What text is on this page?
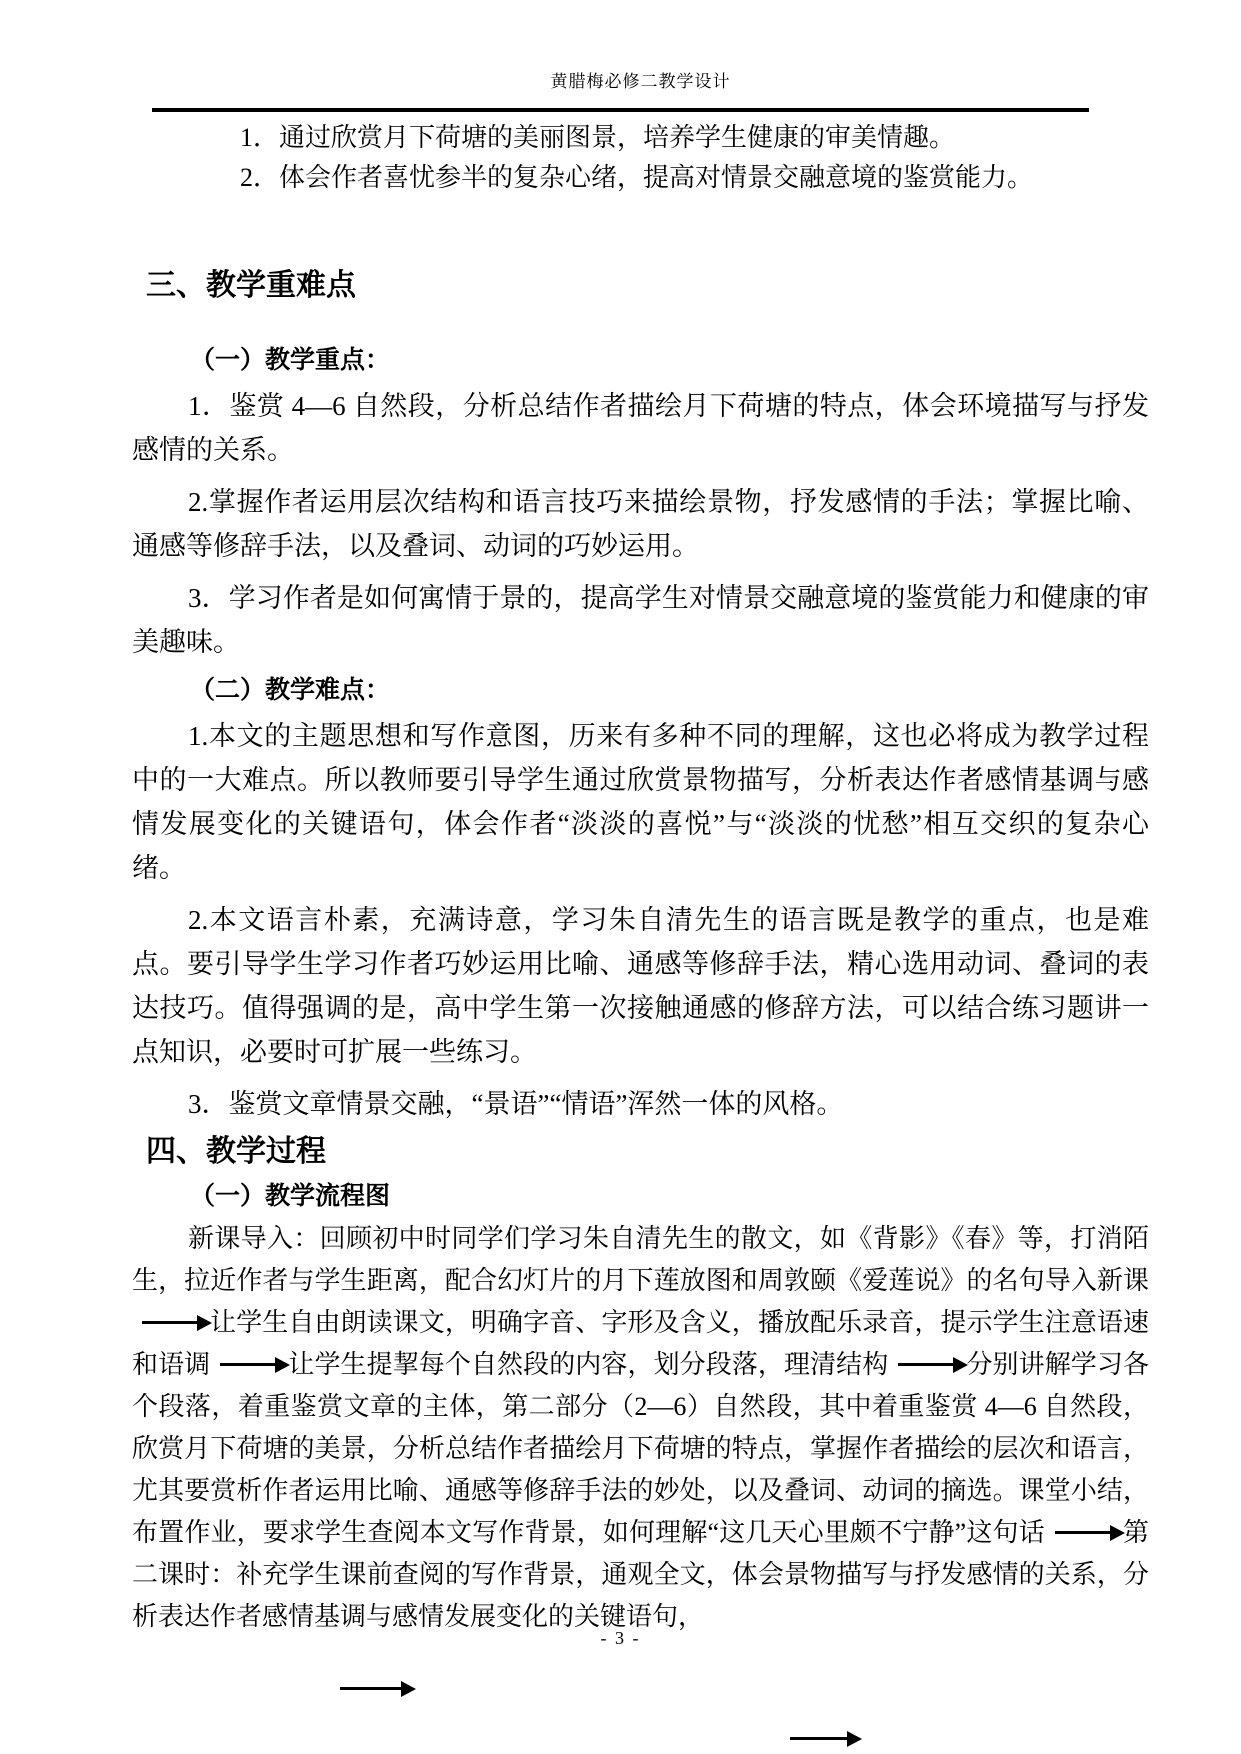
黄腊梅必修二教学设计
1．通过欣赏月下荷塘的美丽图景，培养学生健康的审美情趣。
2．体会作者喜忧参半的复杂心绪，提高对情景交融意境的鉴赏能力。
三、教学重难点
（一）教学重点：

1．鉴赏 4—6 自然段，分析总结作者描绘月下荷塘的特点，体会环境描写与抒发感情的关系。

2.掌握作者运用层次结构和语言技巧来描绘景物，抒发感情的手法；掌握比喻、通感等修辞手法，以及叠词、动词的巧妙运用。

3．学习作者是如何寓情于景的，提高学生对情景交融意境的鉴赏能力和健康的审美趣味。

（二）教学难点：

1.本文的主题思想和写作意图，历来有多种不同的理解，这也必将成为教学过程中的一大难点。所以教师要引导学生通过欣赏景物描写，分析表达作者感情基调与感情发展变化的关键语句，体会作者“淡淡的喜悦”与“淡淡的忧愁”相互交织的复杂心绪。

2.本文语言朴素，充满诗意，学习朱自清先生的语言既是教学的重点，也是难点。要引导学生学习作者巧妙运用比喻、通感等修辞手法，精心选用动词、叠词的表达技巧。值得强调的是，高中学生第一次接触通感的修辞方法，可以结合练习题讲一点知识，必要时可扩展一些练习。

3．鉴赏文章情景交融，“景语”“情语”浑然一体的风格。

四、教学过程
（一）教学流程图

新课导入：回顾初中时同学们学习朱自清先生的散文，如《背影》《春》等，打消陌生，拉近作者与学生距离，配合幻灯片的月下莲放图和周敦颐《爱莲说》的名句导入新课让学生自由朗读课文，明确字音、字形及含义，播放配乐录音，提示学生注意语速和语调	让学生提挈每个自然段的内容，划分段落，理清结构	分别讲解学习各个段落，着重鉴赏文章的主体，第二部分（2—6）自然段，其中着重鉴赏 4—6 自然段，欣赏月下荷塘的美景，分析总结作者描绘月下荷塘的特点，掌握作者描绘的层次和语言，尤其要赏析作者运用比喻、通感等修辞手法的妙处，以及叠词、动词的摘选。课堂小结，布置作业，要求学生查阅本文写作背景，如何理解“这几天心里颇不宁静”这句话	第二课时：补充学生课前查阅的写作背景，通观全文，体会景物描写与抒发感情的关系，分析表达作者感情基调与感情发展变化的关键语句，

- 3 -
